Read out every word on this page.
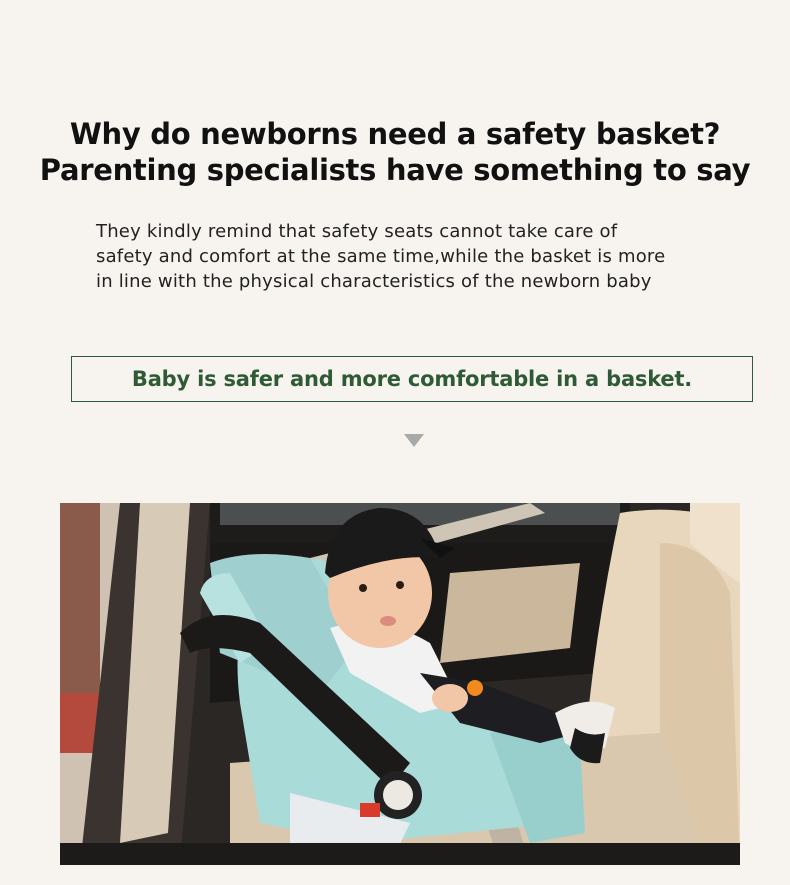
Why do newborns need a safety basket?
Parenting specialists have something to say
They kindly remind that safety seats cannot take care of
safety and comfort at the same time,while the basket is more
in line with the physical characteristics of the newborn baby
Baby is safer and more comfortable in a basket.
